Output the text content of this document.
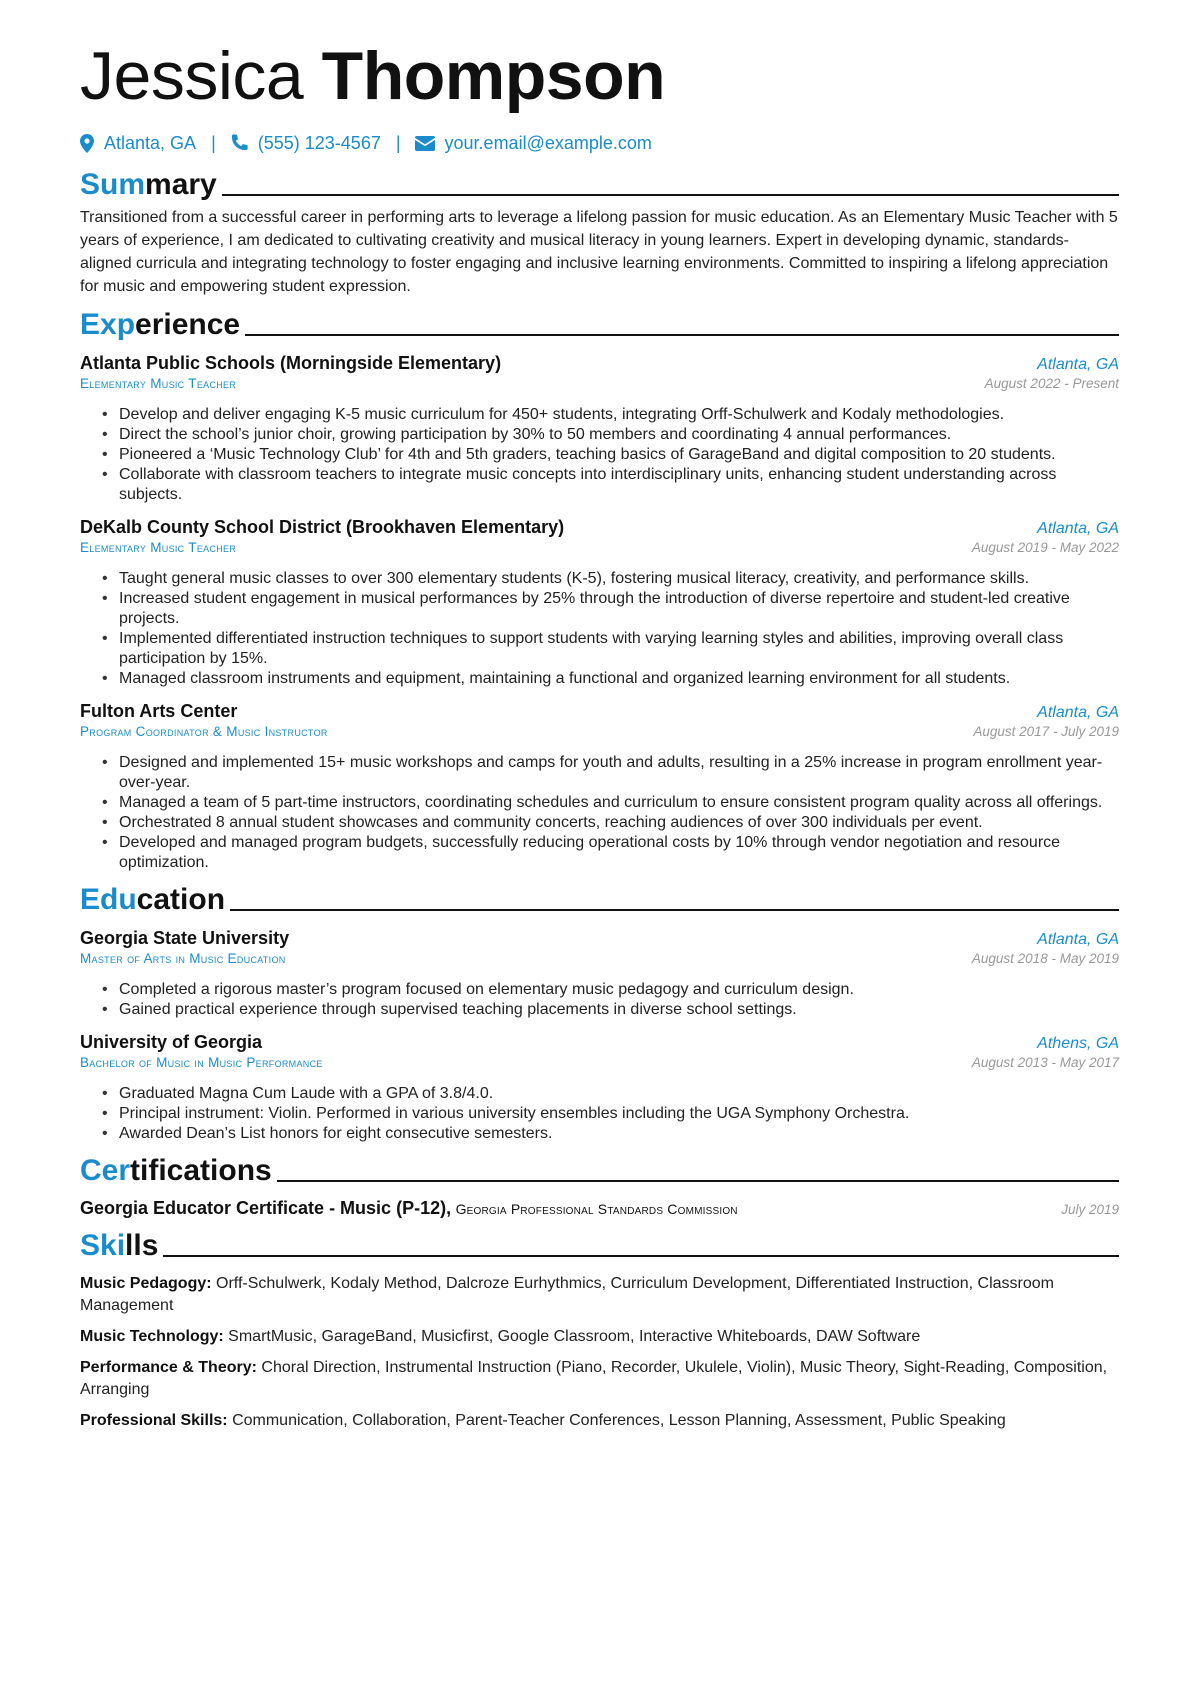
Jessica Thompson
Atlanta, GA | (555) 123-4567 | your.email@example.com
Summary

Transitioned from a successful career in performing arts to leverage a lifelong passion for music education. As an Elementary Music Teacher with 5 years of experience, I am dedicated to cultivating creativity and musical literacy in young learners. Expert in developing dynamic, standards-aligned curricula and integrating technology to foster engaging and inclusive learning environments. Committed to inspiring a lifelong appreciation for music and empowering student expression.

Experience
Atlanta Public Schools (Morningside Elementary)	Atlanta, GA
Elementary Music Teacher	August 2022 - Present
• Develop and deliver engaging K-5 music curriculum for 450+ students, integrating Orff-Schulwerk and Kodaly methodologies.
• Direct the school’s junior choir, growing participation by 30% to 50 members and coordinating 4 annual performances.
• Pioneered a ‘Music Technology Club’ for 4th and 5th graders, teaching basics of GarageBand and digital composition to 20 students.
• Collaborate with classroom teachers to integrate music concepts into interdisciplinary units, enhancing student understanding across subjects.
DeKalb County School District (Brookhaven Elementary)	Atlanta, GA
Elementary Music Teacher	August 2019 - May 2022
• Taught general music classes to over 300 elementary students (K-5), fostering musical literacy, creativity, and performance skills.
• Increased student engagement in musical performances by 25% through the introduction of diverse repertoire and student-led creative projects.
• Implemented differentiated instruction techniques to support students with varying learning styles and abilities, improving overall class participation by 15%.
• Managed classroom instruments and equipment, maintaining a functional and organized learning environment for all students.
Fulton Arts Center	Atlanta, GA
Program Coordinator & Music Instructor	August 2017 - July 2019
• Designed and implemented 15+ music workshops and camps for youth and adults, resulting in a 25% increase in program enrollment year-over-year.
• Managed a team of 5 part-time instructors, coordinating schedules and curriculum to ensure consistent program quality across all offerings.
• Orchestrated 8 annual student showcases and community concerts, reaching audiences of over 300 individuals per event.
• Developed and managed program budgets, successfully reducing operational costs by 10% through vendor negotiation and resource optimization.
Education
Georgia State University	Atlanta, GA
Master of Arts in Music Education	August 2018 - May 2019
• Completed a rigorous master’s program focused on elementary music pedagogy and curriculum design.
• Gained practical experience through supervised teaching placements in diverse school settings.
University of Georgia	Athens, GA
Bachelor of Music in Music Performance	August 2013 - May 2017
• Graduated Magna Cum Laude with a GPA of 3.8/4.0.
• Principal instrument: Violin. Performed in various university ensembles including the UGA Symphony Orchestra.
• Awarded Dean’s List honors for eight consecutive semesters.
Certifications
Georgia Educator Certificate - Music (P-12), Georgia Professional Standards Commission	July 2019
Skills
Music Pedagogy: Orff-Schulwerk, Kodaly Method, Dalcroze Eurhythmics, Curriculum Development, Differentiated Instruction, Classroom Management
Music Technology: SmartMusic, GarageBand, Musicfirst, Google Classroom, Interactive Whiteboards, DAW Software
Performance & Theory: Choral Direction, Instrumental Instruction (Piano, Recorder, Ukulele, Violin), Music Theory, Sight-Reading, Composition, Arranging
Professional Skills: Communication, Collaboration, Parent-Teacher Conferences, Lesson Planning, Assessment, Public Speaking
